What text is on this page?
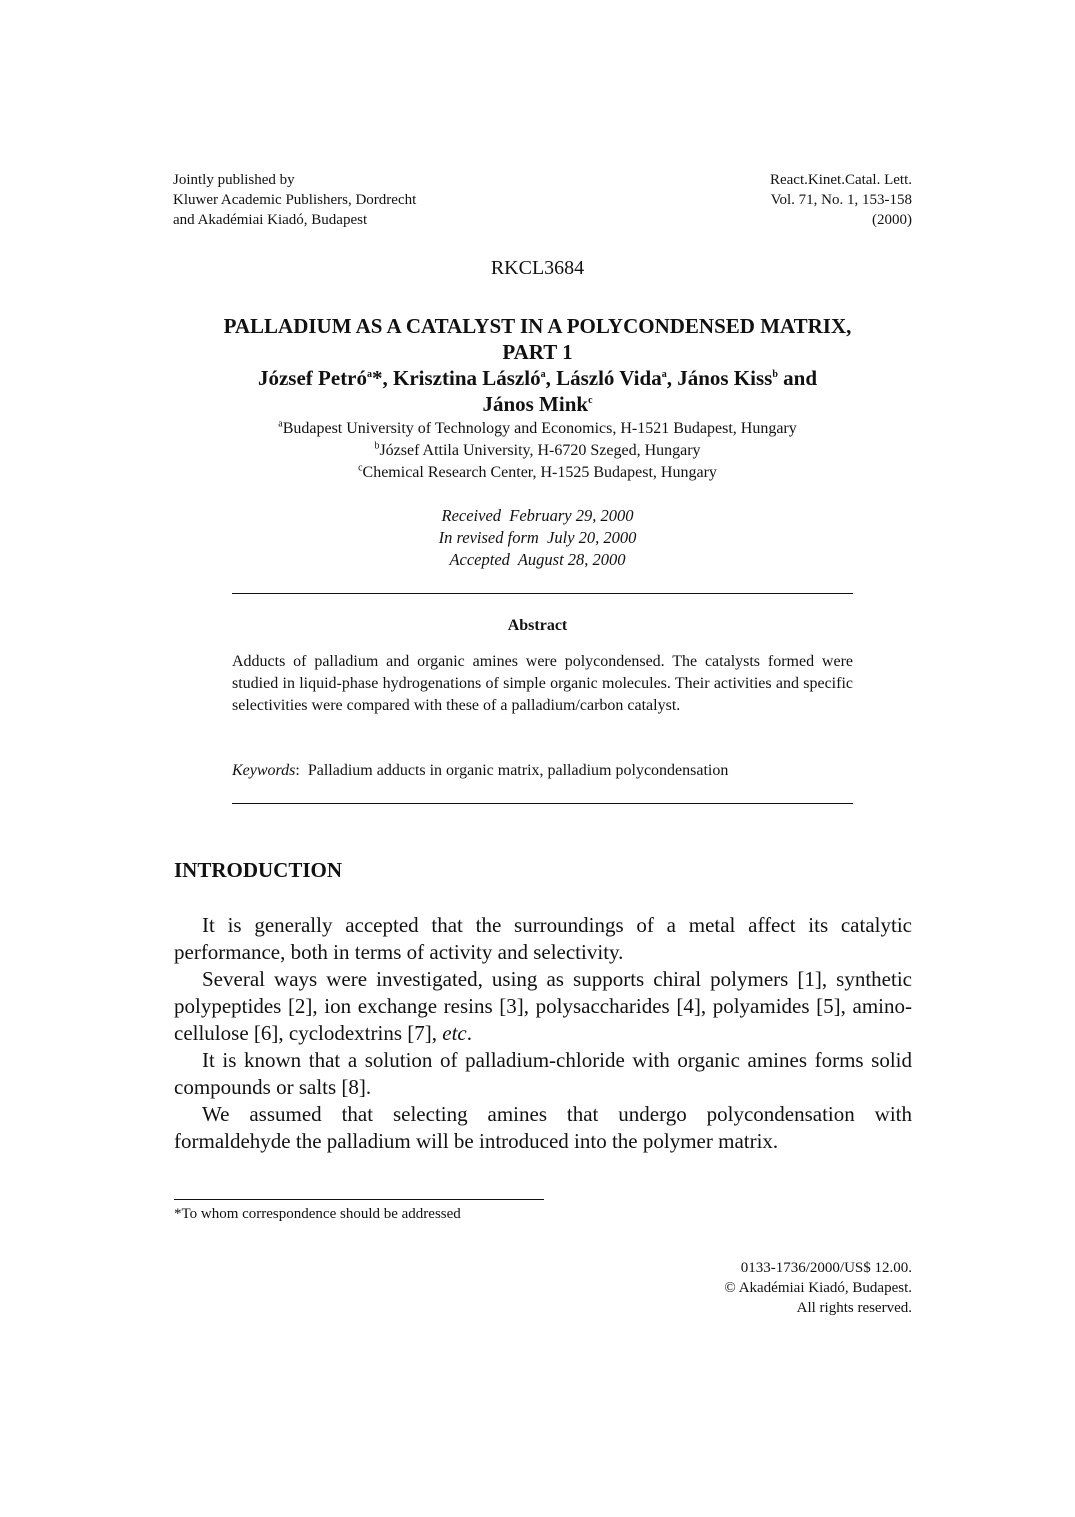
Jointly published by
Kluwer Academic Publishers, Dordrecht
and Akadémiai Kiadó, Budapest
React.Kinet.Catal. Lett.
Vol. 71, No. 1, 153-158
(2000)
RKCL3684
PALLADIUM AS A CATALYST IN A POLYCONDENSED MATRIX,
PART 1
József Petró$^a$*, Krisztina László$^a$, László Vida$^a$, János Kiss$^b$ and
János Mink$^c$
$^a$Budapest University of Technology and Economics, H-1521 Budapest, Hungary
$^b$József Attila University, H-6720 Szeged, Hungary
$^c$Chemical Research Center, H-1525 Budapest, Hungary
Received  February 29, 2000
In revised form  July 20, 2000
Accepted  August 28, 2000
Abstract
Adducts of palladium and organic amines were polycondensed. The catalysts formed were studied in liquid-phase hydrogenations of simple organic molecules. Their activities and specific selectivities were compared with these of a palladium/carbon catalyst.
Keywords:  Palladium adducts in organic matrix, palladium polycondensation
INTRODUCTION

It is generally accepted that the surroundings of a metal affect its catalytic performance, both in terms of activity and selectivity.

Several ways were investigated, using as supports chiral polymers [1], synthetic polypeptides [2], ion exchange resins [3], polysaccharides [4], polyamides [5], amino-cellulose [6], cyclodextrins [7], etc.

It is known that a solution of palladium-chloride with organic amines forms solid compounds or salts [8].

We assumed that selecting amines that undergo polycondensation with formaldehyde the palladium will be introduced into the polymer matrix.

*To whom correspondence should be addressed
0133-1736/2000/US$ 12.00.
© Akadémiai Kiadó, Budapest.
All rights reserved.
